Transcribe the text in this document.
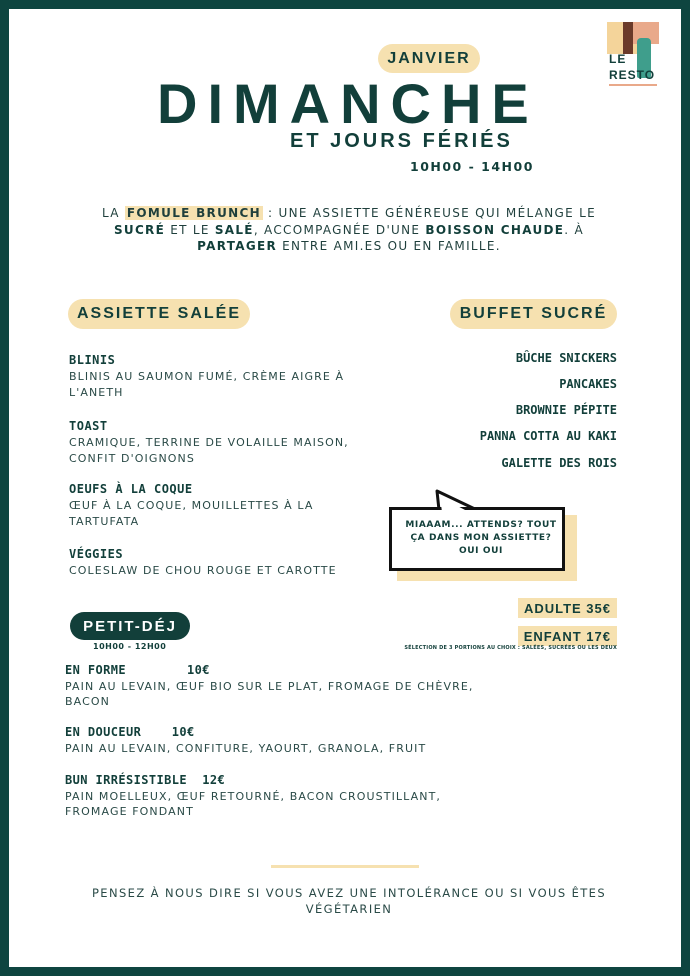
LE
RESTO
JANVIER
DIMANCHE
ET JOURS FÉRIÉS
10H00 - 14H00
LA FOMULE BRUNCH : UNE ASSIETTE GÉNÉREUSE QUI MÉLANGE LE SUCRÉ ET LE SALÉ, ACCOMPAGNÉE D'UNE BOISSON CHAUDE. À PARTAGER ENTRE AMI.ES OU EN FAMILLE.
ASSIETTE SALÉE
BLINIS
BLINIS AU SAUMON FUMÉ, CRÈME AIGRE À L'ANETH
TOAST
CRAMIQUE, TERRINE DE VOLAILLE MAISON, CONFIT D'OIGNONS
OEUFS À LA COQUE
ŒUF À LA COQUE, MOUILLETTES À LA TARTUFATA
VÉGGIES
COLESLAW DE CHOU ROUGE ET CAROTTE
BUFFET SUCRÉ
BÛCHE SNICKERS
PANCAKES
BROWNIE PÉPITE
PANNA COTTA AU KAKI
GALETTE DES ROIS
MIAAAM... ATTENDS? TOUT
ÇA DANS MON ASSIETTE?
OUI OUI
ADULTE 35€
ENFANT 17€
SÉLECTION DE 3 PORTIONS AU CHOIX : SALÉES, SUCRÉES OU LES DEUX
PETIT-DÉJ
10H00 - 12H00
EN FORME        10€
PAIN AU LEVAIN, ŒUF BIO SUR LE PLAT, FROMAGE DE CHÈVRE, BACON
EN DOUCEUR    10€
PAIN AU LEVAIN, CONFITURE, YAOURT, GRANOLA, FRUIT
BUN IRRÉSISTIBLE  12€
PAIN MOELLEUX, ŒUF RETOURNÉ, BACON CROUSTILLANT, FROMAGE FONDANT
PENSEZ À NOUS DIRE SI VOUS AVEZ UNE INTOLÉRANCE OU SI VOUS ÊTES VÉGÉTARIEN
